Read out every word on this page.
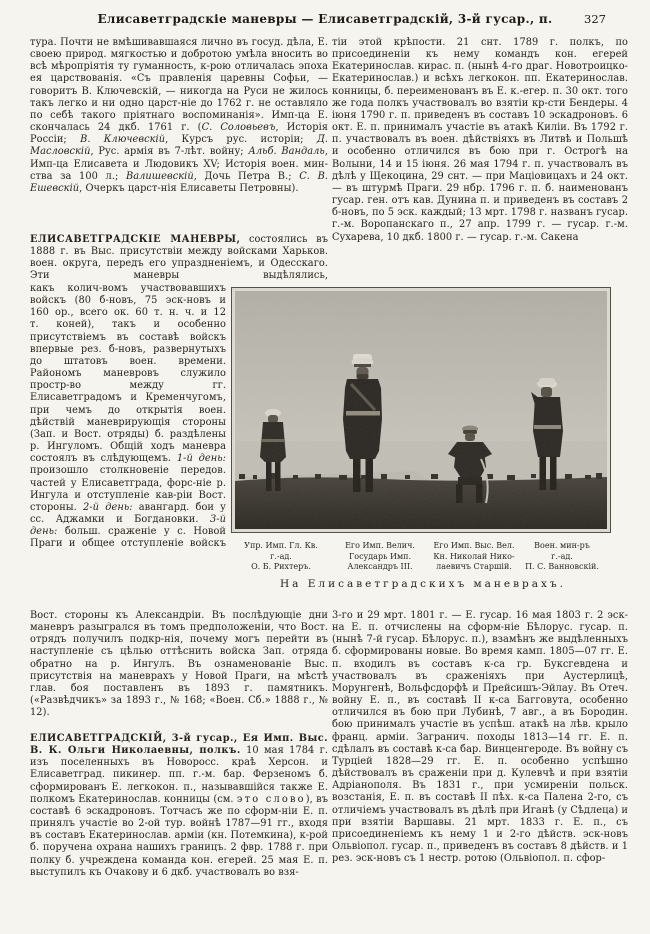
Елисаветградскіе маневры — Елисаветградскій, 3-й гусар., п.	327
тура. Почти не вмѣшивавшаяся лично въ госуд. дѣла, Е. своею природ. мягкостью и добротою умѣла вносить во всѣ мѣропріятія ту гуманность, к-рою отличалась эпоха ея царствованія. «Съ правленія царевны Софьи, — говоритъ В. Ключевскій, — никогда на Руси не жилось такъ легко и ни одно царст-ніе до 1762 г. не оставляло по себѣ такого пріятнаго воспоминанія». Имп-ца Е. скончалась 24 дкб. 1761 г. (С. Соловьевъ, Исторія Россіи; В. Ключевскій, Курсъ рус. исторіи; Д. Масловскій, Рус. армія въ 7-лѣт. войну; Альб. Вандаль, Имп-ца Елисавета и Людовикъ XV; Исторія воен. мин-ства за 100 л.; Валишевскій, Дочь Петра В.; С. В. Ешевскій, Очеркъ царст-нія Елисаветы Петровны).
ЕЛИСАВЕТГРАДСКІЕ МАНЕВРЫ, состоялись въ 1888 г. въ Выс. присутствіи между войсками Харьков. воен. округа, передъ его упраздненіемъ, и Одесскаго. Эти маневры выдѣлялись,
какъ колич-вомъ участвовавшихъ войскъ (80 б-новъ, 75 эск-новъ и 160 ор., всего ок. 60 т. н. ч. и 12 т. коней), такъ и особенно присутствіемъ въ составѣ войскъ впервые рез. б-новъ, развернутыхъ до штатовъ воен. времени. Райономъ маневровъ служило простр-во между гг. Елисаветградомъ и Кременчугомъ, при чемъ до открытія воен. дѣйствій маневрирующія стороны (Зап. и Вост. отряды) б. раздѣлены р. Ингуломъ. Общій ходъ маневра состоялъ въ слѣдующемъ. 1-й день: произошло столкновеніе передов. частей у Елисаветграда, форс-ніе р. Ингула и отступленіе кав-ріи Вост. стороны. 2-й день: авангард. бои у сс. Аджамки и Богдановки. 3-й день: больш. сраженіе у с. Новой Праги и общее отступленіе войскъ
Вост. стороны къ Александріи. Въ послѣдующіе дни маневръ разыгрался въ томъ предположеніи, что Вост. отрядъ получилъ подкр-нія, почему могъ перейти въ наступленіе съ цѣлью оттѣснить войска Зап. отряда обратно на р. Ингулъ. Въ ознаменованіе Выс. присутствія на маневрахъ у Новой Праги, на мѣстѣ глав. боя поставленъ въ 1893 г. памятникъ. («Развѣдчикъ» за 1893 г., № 168; «Воен. Сб.» 1888 г., № 12).
ЕЛИСАВЕТГРАДСКІЙ, 3-й гусар., Ея Имп. Выс. В. К. Ольги Николаевны, полкъ. 10 мая 1784 г. изъ поселенныхъ въ Новоросс. краѣ Херсон. и Елисаветград. пикинер. пп. г.-м. бар. Ферзеномъ б. сформированъ Е. легкокон. п., называвшійся также Е. полкомъ Екатеринослав. конницы (см. это слово), въ составѣ 6 эскадроновъ. Тотчасъ же по сформ-ніи Е. п. принялъ участіе во 2-ой тур. войнѣ 1787—91 гг., входя въ составъ Екатеринослав. арміи (кн. Потемкина), к-рой б. поручена охрана нашихъ границъ. 2 фвр. 1788 г. при полку б. учреждена команда кон. егерей. 25 мая Е. п. выступилъ къ Очакову и 6 дкб. участвовалъ во взя-
тіи этой крѣпости. 21 снт. 1789 г. полкъ, по присоединеніи къ нему командъ кон. егерей Екатеринослав. кирас. п. (нынѣ 4-го драг. Новотроицко-Екатеринослав.) и всѣхъ легкокон. пп. Екатеринослав. конницы, б. переименованъ въ Е. к.-егер. п. 30 окт. того же года полкъ участвовалъ во взятіи кр-сти Бендеры. 4 іюня 1790 г. п. приведенъ въ составъ 10 эскадроновъ. 6 окт. Е. п. принималъ участіе въ атакѣ Киліи. Въ 1792 г. п. участвовалъ въ воен. дѣйствіяхъ въ Литвѣ и Польшѣ и особенно отличился въ бою при г. Острогѣ на Волыни, 14 и 15 іюня. 26 мая 1794 г. п. участвовалъ въ дѣлѣ у Щекоцина, 29 снт. — при Маціовицахъ и 24 окт. — въ штурмѣ Праги. 29 нбр. 1796 г. п. б. наименованъ гусар. ген. отъ кав. Дунина п. и приведенъ въ составъ 2 б-новъ, по 5 эск. каждый; 13 мрт. 1798 г. названъ гусар. г.-м. Воропанскаго п., 27 апр. 1799 г. — гусар. г.-м. Сухарева, 10 дкб. 1800 г. — гусар. г.-м. Сакена
3-го и 29 мрт. 1801 г. — Е. гусар. 16 мая 1803 г. 2 эск-на Е. п. отчислены на сформ-ніе Бѣлорус. гусар. п. (нынѣ 7-й гусар. Бѣлорус. п.), взамѣнъ же выдѣленныхъ б. сформированы новые. Во время камп. 1805—07 гг. Е. п. входилъ въ составъ к-са гр. Буксгевдена и участвовалъ въ сраженіяхъ при Аустерлицѣ, Морунгенѣ, Вольфсдорфѣ и Прейсишъ-Эйлау. Въ Отеч. войну Е. п., въ составѣ II к-са Багговута, особенно отличился въ бою при Лубинѣ, 7 авг., а въ Бородин. бою принималъ участіе въ успѣш. атакѣ на лѣв. крыло франц. арміи. Загранич. походы 1813—14 гг. Е. п. сдѣлалъ въ составѣ к-са бар. Винценгероде. Въ войну съ Турціей 1828—29 гг. Е. п. особенно успѣшно дѣйствовалъ въ сраженіи при д. Кулевчѣ и при взятіи Адріанополя. Въ 1831 г., при усмиреніи польск. возстанія, Е. п. въ составѣ II пѣх. к-са Палена 2-го, съ отличіемъ участвовалъ въ дѣлѣ при Иганѣ (у Сѣдлеца) и при взятіи Варшавы. 21 мрт. 1833 г. Е. п., съ присоединеніемъ къ нему 1 и 2-го дѣйств. эск-новъ Ольвіопол. гусар. п., приведенъ въ составъ 8 дѣйств. и 1 рез. эск-новъ съ 1 нестр. ротою (Ольвіопол. п. сфор-
Упр. Имп. Гл. Кв.
г.-ад.
О. Б. Рихтеръ.
Его Имп. Велич.
Государь Имп.
Александръ III.
Его Имп. Выс. Вел.
Кн. Николай Нико-
лаевичъ Старшій.
Воен. мин-ръ
г.-ад.
П. С. Ванновскій.
На Елисаветградскихъ маневрахъ.
